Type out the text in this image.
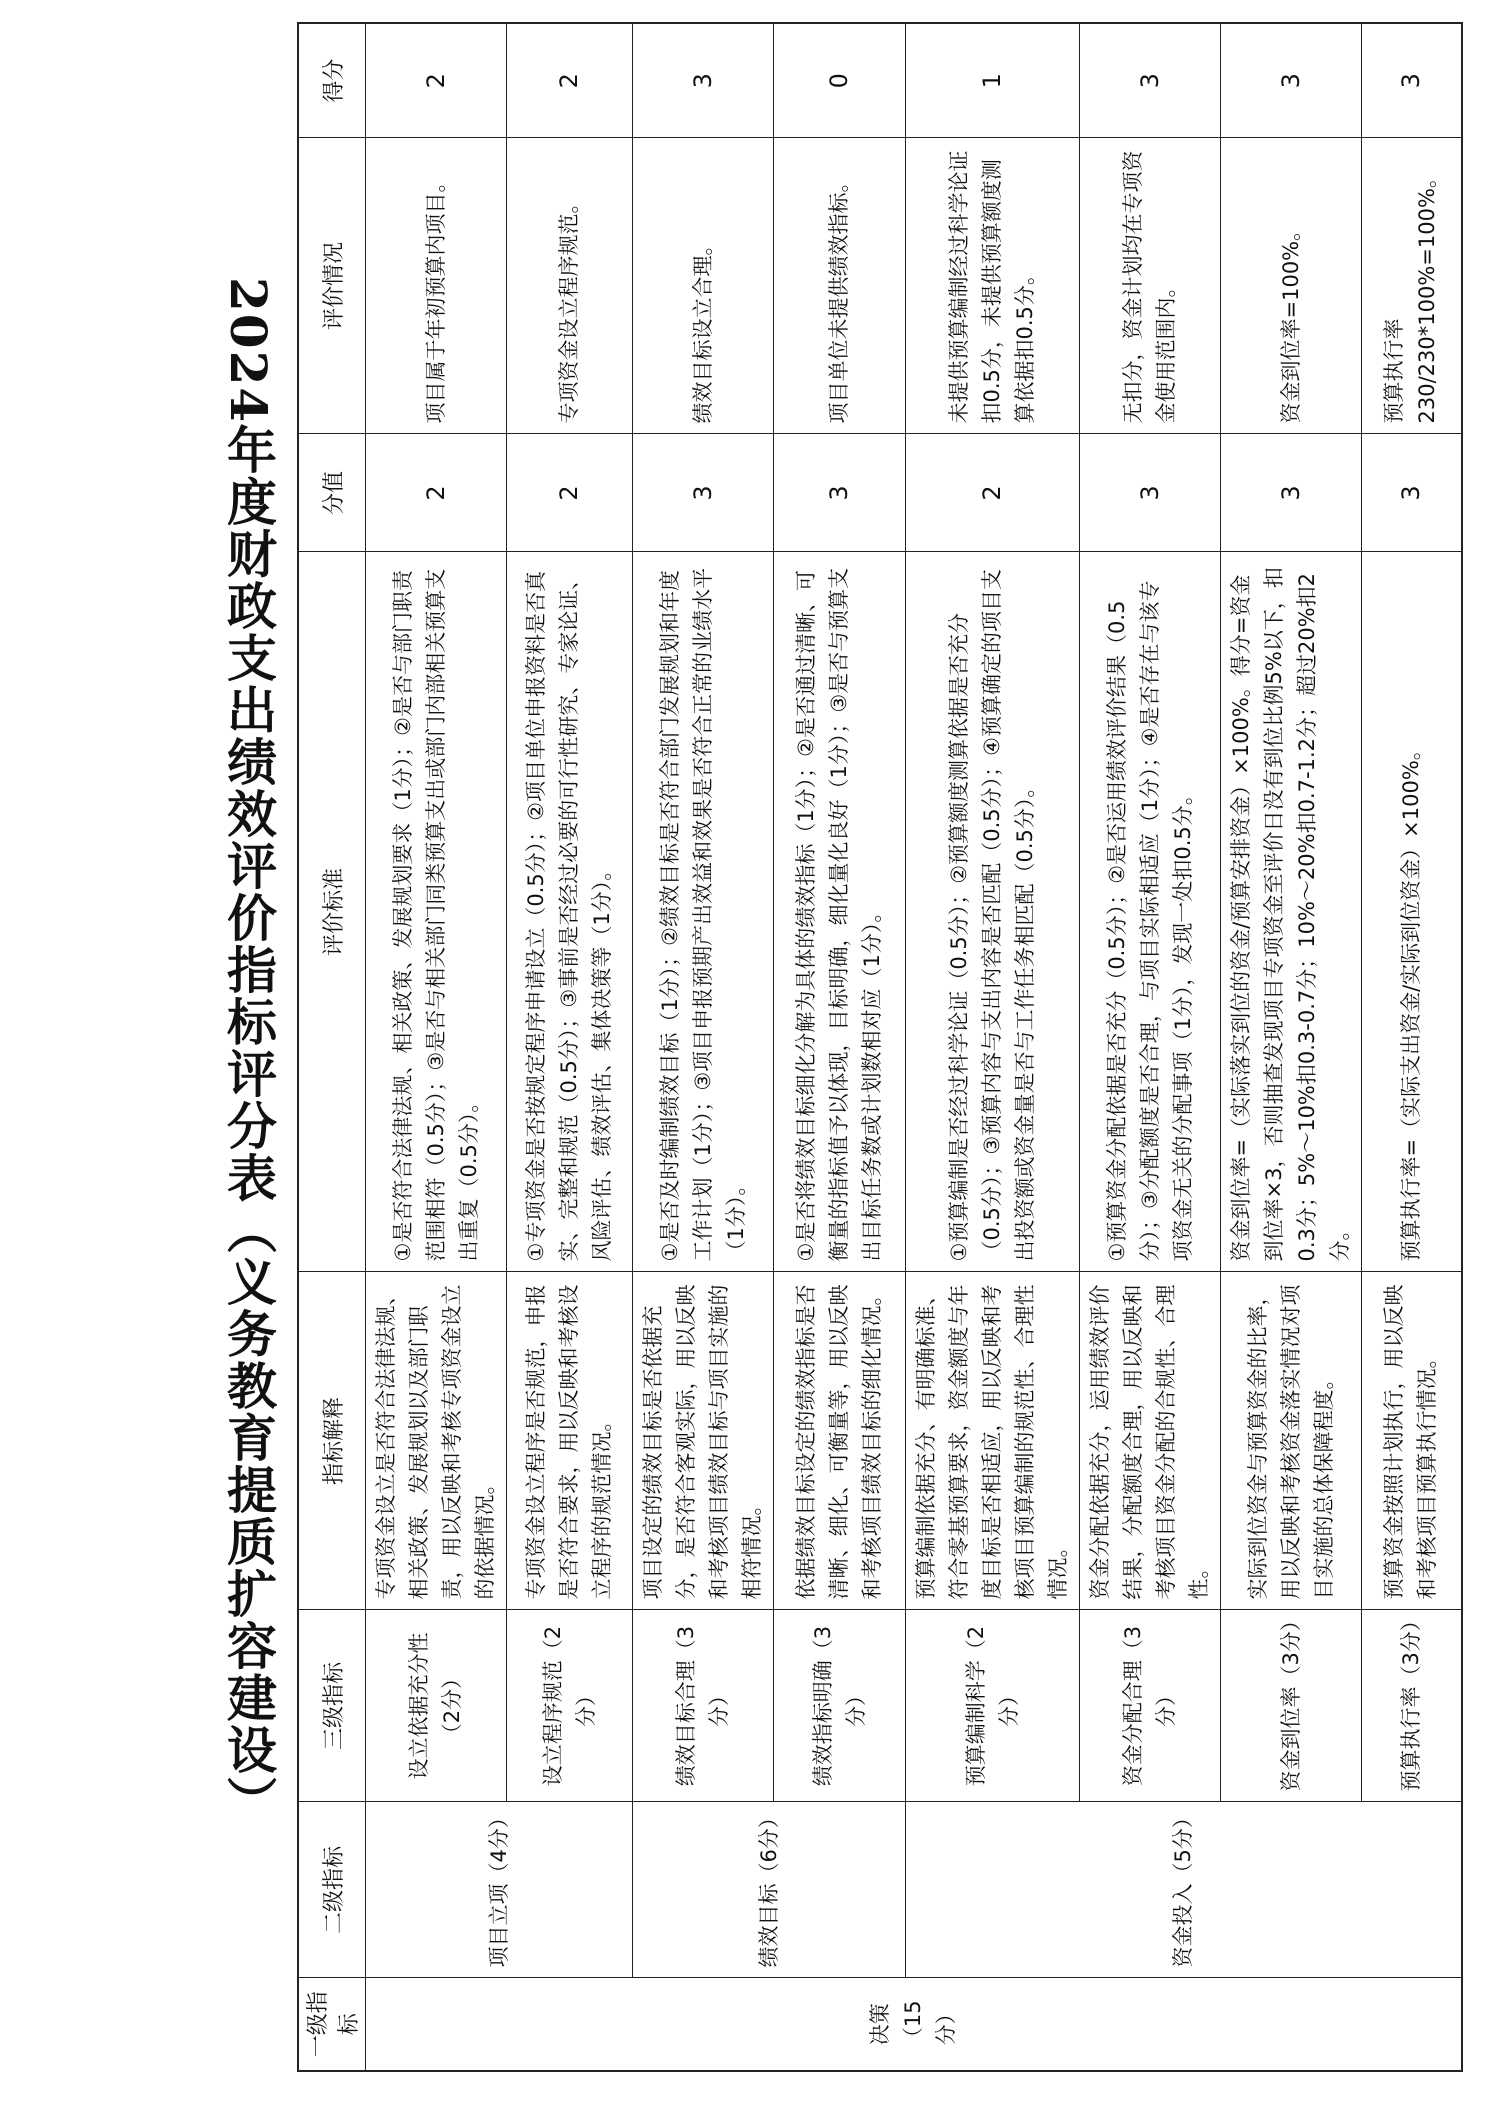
2024年度财政支出绩效评价指标评分表（义务教育提质扩容建设）
一级指标	二级指标	三级指标	指标解释	评价标准	分值	评价情况	得分
决策（15分）	项目立项（4分）	设立依据充分性（2分）	专项资金设立是否符合法律法规、相关政策、发展规划以及部门职责，用以反映和考核专项资金设立的依据情况。	①是否符合法律法规、相关政策、发展规划要求（1分）；②是否与部门职责范围相符（0.5分）；③是否与相关部门同类预算支出或部门内部相关预算支出重复（0.5分）。	2	项目属于年初预算内项目。	2
		设立程序规范（2分）	专项资金设立程序是否规范，申报是否符合要求，用以反映和考核设立程序的规范情况。	①专项资金是否按规定程序申请设立（0.5分）；②项目单位申报资料是否真实、完整和规范（0.5分）；③事前是否经过必要的可行性研究、专家论证、风险评估、绩效评估、集体决策等（1分）。	2	专项资金设立程序规范。	2
	绩效目标（6分）	绩效目标合理（3分）	项目设定的绩效目标是否依据充分，是否符合客观实际，用以反映和考核项目绩效目标与项目实施的相符情况。	①是否及时编制绩效目标（1分）；②绩效目标是否符合部门发展规划和年度工作计划（1分）；③项目申报预期产出效益和效果是否符合正常的业绩水平（1分）。	3	绩效目标设立合理。	3
		绩效指标明确（3分）	依据绩效目标设定的绩效指标是否清晰、细化、可衡量等，用以反映和考核项目绩效目标的细化情况。	①是否将绩效目标细化分解为具体的绩效指标（1分）；②是否通过清晰、可衡量的指标值予以体现，目标明确，细化量化良好（1分）；③是否与预算支出目标任务数或计划数相对应（1分）。	3	项目单位未提供绩效指标。	0
	资金投入（5分）	预算编制科学（2分）	预算编制依据充分、有明确标准、符合零基预算要求，资金额度与年度目标是否相适应，用以反映和考核项目预算编制的规范性、合理性情况。	①预算编制是否经过科学论证（0.5分）；②预算额度测算依据是否充分（0.5分）；③预算内容与支出内容是否匹配（0.5分）；④预算确定的项目支出投资额或资金量是否与工作任务相匹配（0.5分）。	2	未提供预算编制经过科学论证扣0.5分，未提供预算额度测算依据扣0.5分。	1
		资金分配合理（3分）	资金分配依据充分，运用绩效评价结果，分配额度合理，用以反映和考核项目资金分配的合规性、合理性。	①预算资金分配依据是否充分（0.5分）；②是否运用绩效评价结果（0.5分）；③分配额度是否合理，与项目实际相适应（1分）；④是否存在与该专项资金无关的分配事项（1分），发现一处扣0.5分。	3	无扣分，资金计划均在专项资金使用范围内。	3
		资金到位率（3分）	实际到位资金与预算资金的比率，用以反映和考核资金落实情况对项目实施的总体保障程度。	资金到位率=（实际落实到位的资金/预算安排资金）×100%。得分=资金到位率×3，否则抽查发现项目专项资金至评价日没有到位比例5%以下，扣0.3分；5%～10%扣0.3-0.7分；10%～20%扣0.7-1.2分；超过20%扣2分。	3	资金到位率=100%。	3
		预算执行率（3分）	预算资金按照计划执行，用以反映和考核项目预算执行情况。	预算执行率=（实际支出资金/实际到位资金）×100%。	3	预算执行率230/230*100%=100%。	3
